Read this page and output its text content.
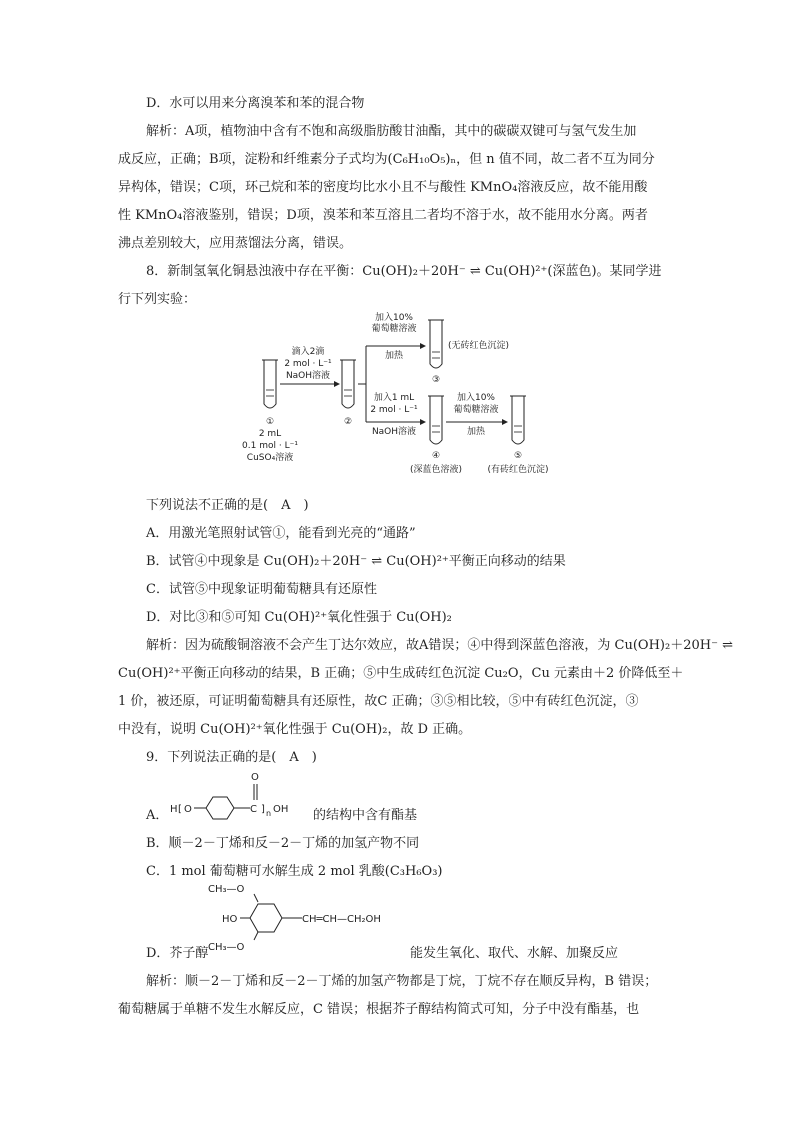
D．水可以用来分离溴苯和苯的混合物
解析：A项，植物油中含有不饱和高级脂肪酸甘油酯，其中的碳碳双键可与氢气发生加
成反应，正确；B项，淀粉和纤维素分子式均为(C₆H₁₀O₅)ₙ，但 n 值不同，故二者不互为同分
异构体，错误；C项，环己烷和苯的密度均比水小且不与酸性 KMnO₄溶液反应，故不能用酸
性 KMnO₄溶液鉴别，错误；D项，溴苯和苯互溶且二者均不溶于水，故不能用水分离。两者
沸点差别较大，应用蒸馏法分离，错误。
8．新制氢氧化铜悬浊液中存在平衡：Cu(OH)₂＋20H⁻ ⇌ Cu(OH)²⁺(深蓝色)。某同学进
行下列实验：
下列说法不正确的是(　A　)
A．用激光笔照射试管①，能看到光亮的“通路”
B．试管④中现象是 Cu(OH)₂＋20H⁻ ⇌ Cu(OH)²⁺平衡正向移动的结果
C．试管⑤中现象证明葡萄糖具有还原性
D．对比③和⑤可知 Cu(OH)²⁺氧化性强于 Cu(OH)₂
解析：因为硫酸铜溶液不会产生丁达尔效应，故A错误；④中得到深蓝色溶液，为 Cu(OH)₂＋20H⁻ ⇌
Cu(OH)²⁺平衡正向移动的结果，B 正确；⑤中生成砖红色沉淀 Cu₂O，Cu 元素由＋2 价降低至＋
1 价，被还原，可证明葡萄糖具有还原性，故C 正确；③⑤相比较，⑤中有砖红色沉淀，③
中没有，说明 Cu(OH)²⁺氧化性强于 Cu(OH)₂，故 D 正确。
9．下列说法正确的是(　A　)
A．	的结构中含有酯基
B．顺－2－丁烯和反－2－丁烯的加氢产物不同
C．1 mol 葡萄糖可水解生成 2 mol 乳酸(C₃H₆O₃)
D．芥子醇	能发生氧化、取代、水解、加聚反应
解析：顺－2－丁烯和反－2－丁烯的加氢产物都是丁烷，丁烷不存在顺反异构，B 错误；
葡萄糖属于单糖不发生水解反应，C 错误；根据芥子醇结构简式可知，分子中没有酯基，也
①
2 mL
0.1 mol · L⁻¹
CuSO₄溶液
滴入2滴
2 mol · L⁻¹
NaOH溶液
②
加入10%
葡萄糖溶液
加热
③
(无砖红色沉淀)
加入1 mL
2 mol · L⁻¹
NaOH溶液
④
(深蓝色溶液)
加入10%
葡萄糖溶液
加热
⑤
(有砖红色沉淀)
H [ O	C
O
] n OH
CH₃—O
HO	CH═CH—CH₂OH
CH₃—O
